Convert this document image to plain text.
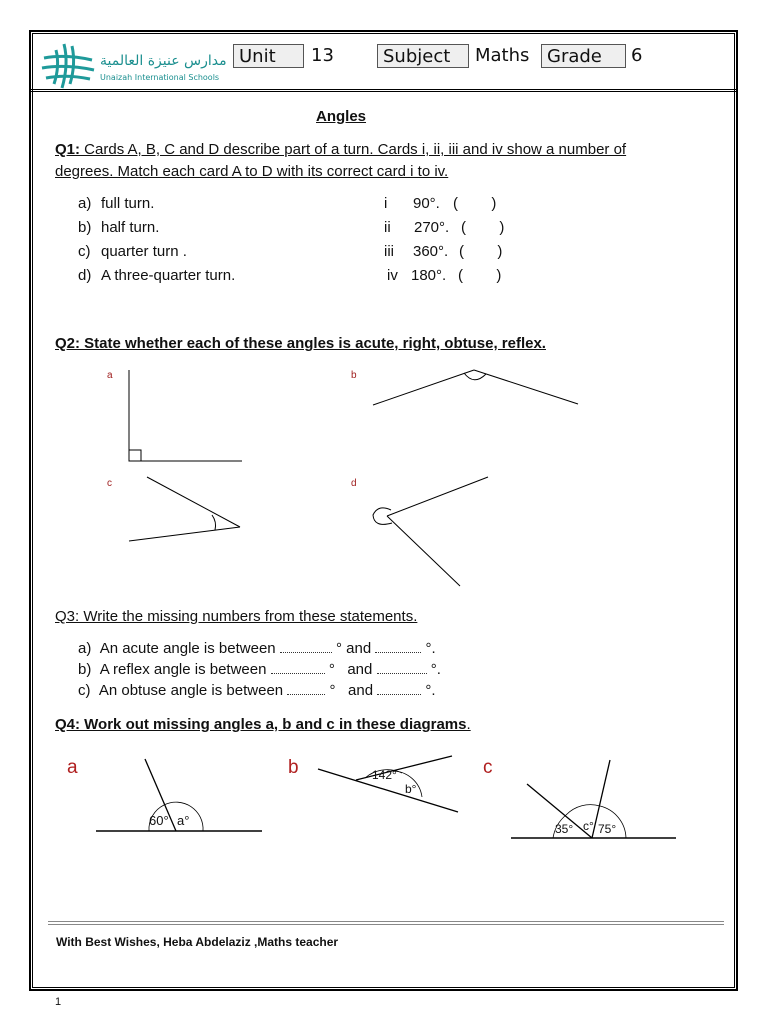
مدارس عنيزة العالمية
Unaizah International Schools
Unit	13	Subject	Maths Grade	6
Angles
Q1: Cards A, B, C and D describe part of a turn. Cards i, ii, iii and iv show a number of
degrees. Match each card A to D with its correct card i to iv.
a) full turn.
b) half turn.
c) quarter turn .
d) A three-quarter turn.
i 90°. (        )
ii 270°. (        )
iii 360°. (        )
iv 180°. (        )
Q2: State whether each of these angles is acute, right, obtuse, reflex.
a	b
c	d
Q3: Write the missing numbers from these statements.
a) An acute angle is between	° and	°.
b) A reflex angle is between	° and	°.
c) An obtuse angle is between	° and	°.
Q4: Work out missing angles a, b and c in these diagrams.
a	b	c
60° a°
142°
b°
35° c° 75°
With Best Wishes, Heba Abdelaziz ,Maths teacher
1
